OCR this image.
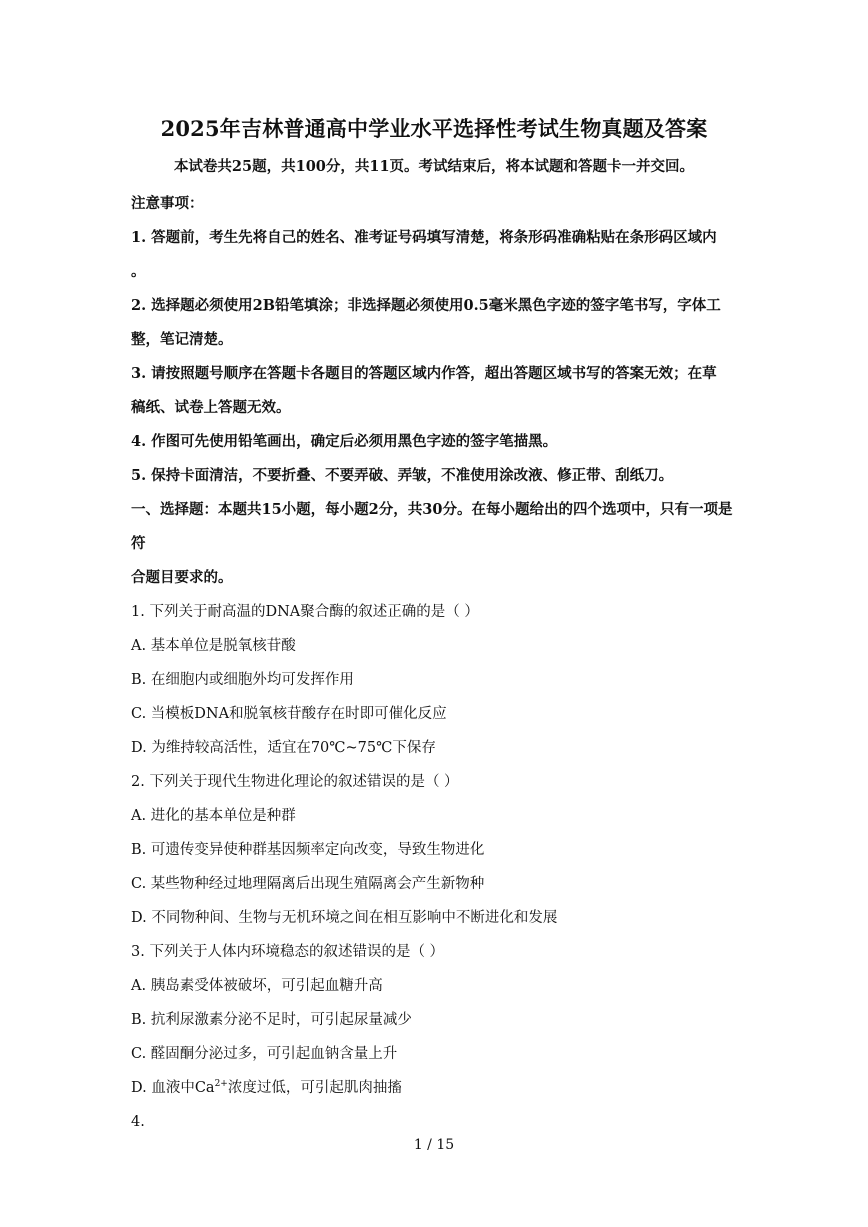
2025年吉林普通高中学业水平选择性考试生物真题及答案
本试卷共25题，共100分，共11页。考试结束后，将本试题和答题卡一并交回。

注意事项：

1. 答题前，考生先将自己的姓名、准考证号码填写清楚，将条形码准确粘贴在条形码区域内

。

2. 选择题必须使用2B铅笔填涂；非选择题必须使用0.5毫米黑色字迹的签字笔书写，字体工

整，笔记清楚。

3. 请按照题号顺序在答题卡各题目的答题区域内作答，超出答题区域书写的答案无效；在草

稿纸、试卷上答题无效。

4. 作图可先使用铅笔画出，确定后必须用黑色字迹的签字笔描黑。

5. 保持卡面清洁，不要折叠、不要弄破、弄皱，不准使用涂改液、修正带、刮纸刀。

一、选择题：本题共15小题，每小题2分，共30分。在每小题给出的四个选项中，只有一项是符

合题目要求的。

1. 下列关于耐高温的DNA聚合酶的叙述正确的是（ ）

A. 基本单位是脱氧核苷酸

B. 在细胞内或细胞外均可发挥作用

C. 当模板DNA和脱氧核苷酸存在时即可催化反应

D. 为维持较高活性，适宜在70℃~75℃下保存

2. 下列关于现代生物进化理论的叙述错误的是（ ）

A. 进化的基本单位是种群

B. 可遗传变异使种群基因频率定向改变，导致生物进化

C. 某些物种经过地理隔离后出现生殖隔离会产生新物种

D. 不同物种间、生物与无机环境之间在相互影响中不断进化和发展

3. 下列关于人体内环境稳态的叙述错误的是（ ）

A. 胰岛素受体被破坏，可引起血糖升高

B. 抗利尿激素分泌不足时，可引起尿量减少

C. 醛固酮分泌过多，可引起血钠含量上升

D. 血液中$Ca^{2+}$浓度过低，可引起肌肉抽搐

4.

1 / 15
